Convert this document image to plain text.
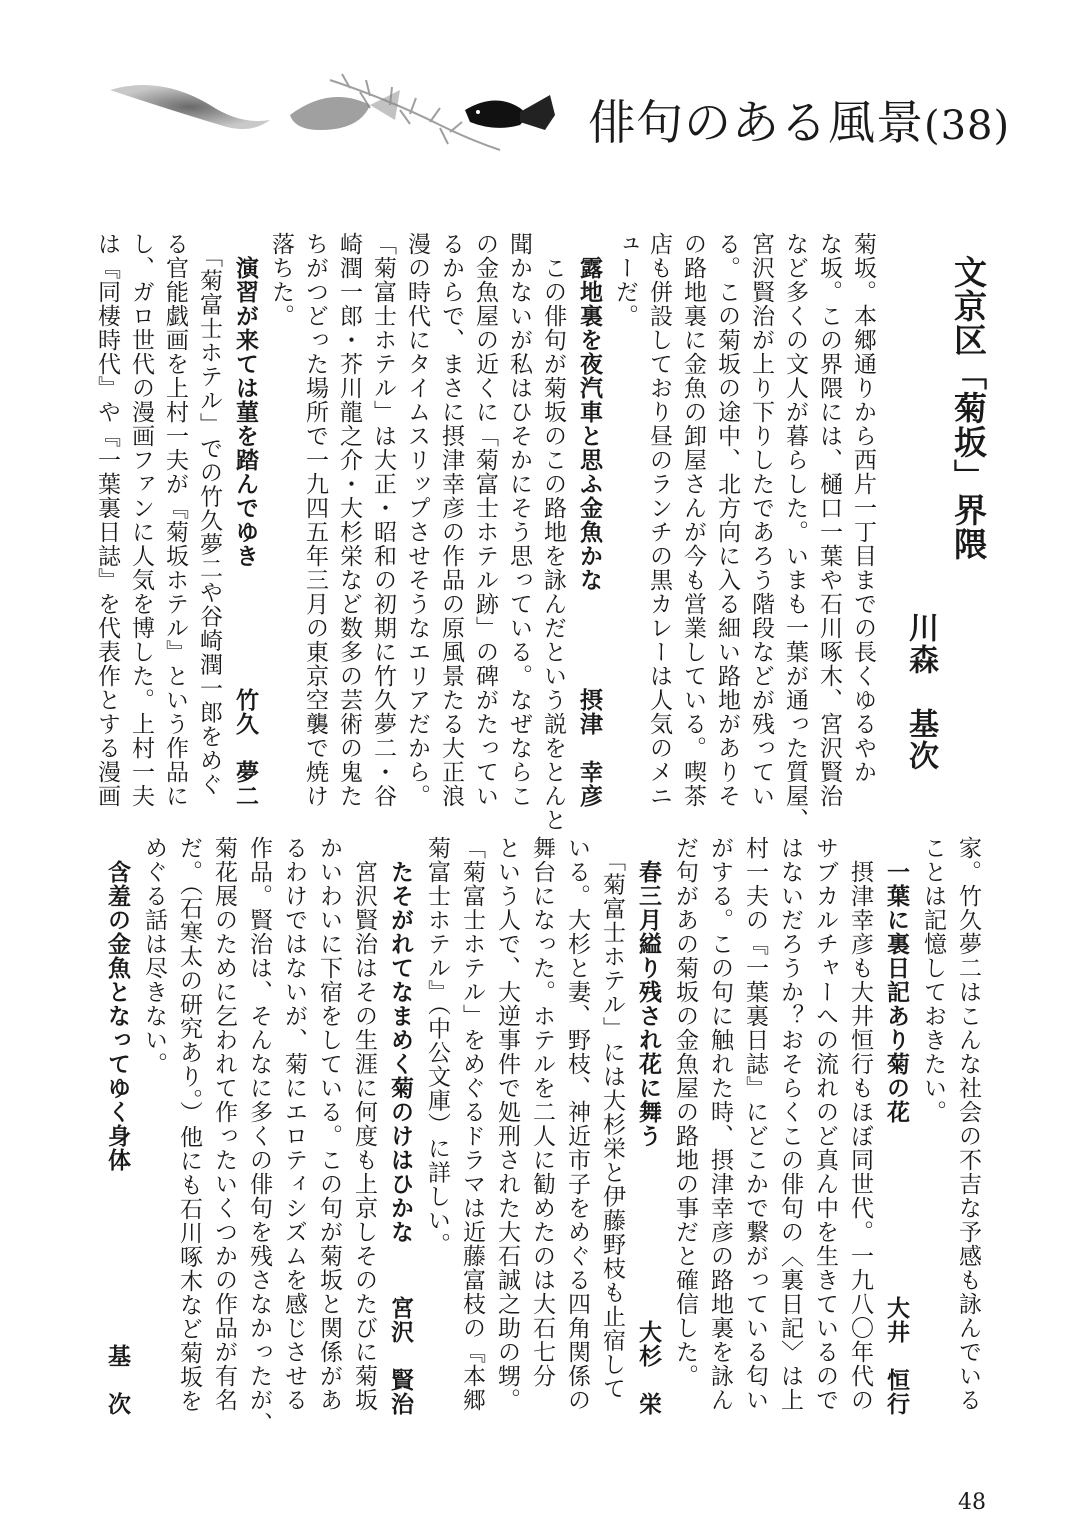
俳句のある風景(38)
文京区「菊坂」界隈
川森　基次
菊坂。本郷通りから西片一丁目までの長くゆるやか
な坂。この界隈には、樋口一葉や石川啄木、宮沢賢治
など多くの文人が暮らした。いまも一葉が通った質屋、
宮沢賢治が上り下りしたであろう階段などが残ってい
る。この菊坂の途中、北方向に入る細い路地がありそ
の路地裏に金魚の卸屋さんが今も営業している。喫茶
店も併設しており昼のランチの黒カレーは人気のメニ
ューだ。
露地裏を夜汽車と思ふ金魚かな
摂津　幸彦
　この俳句が菊坂のこの路地を詠んだという説をとんと
聞かないが私はひそかにそう思っている。なぜならこ
の金魚屋の近くに「菊富士ホテル跡」の碑がたってい
るからで、まさに摂津幸彦の作品の原風景たる大正浪
漫の時代にタイムスリップさせそうなエリアだから。
「菊富士ホテル」は大正・昭和の初期に竹久夢二・谷
崎潤一郎・芥川龍之介・大杉栄など数多の芸術の鬼た
ちがつどった場所で一九四五年三月の東京空襲で焼け
落ちた。
演習が来ては菫を踏んでゆき
竹久　夢二
　「菊富士ホテル」での竹久夢二や谷崎潤一郎をめぐ
る官能戯画を上村一夫が『菊坂ホテル』という作品に
し、ガロ世代の漫画ファンに人気を博した。上村一夫
は『同棲時代』や『一葉裏日誌』を代表作とする漫画
家。竹久夢二はこんな社会の不吉な予感も詠んでいる
ことは記憶しておきたい。
一葉に裏日記あり菊の花
大井　恒行
　摂津幸彦も大井恒行もほぼ同世代。一九八〇年代の
サブカルチャーへの流れのど真ん中を生きているので
はないだろうか？おそらくこの俳句の〈裏日記〉は上
村一夫の『一葉裏日誌』にどこかで繋がっている匂い
がする。この句に触れた時、摂津幸彦の路地裏を詠ん
だ句があの菊坂の金魚屋の路地の事だと確信した。
春三月縊り残され花に舞う
大杉　栄
　「菊富士ホテル」には大杉栄と伊藤野枝も止宿して
いる。大杉と妻、野枝、神近市子をめぐる四角関係の
舞台になった。ホテルを二人に勧めたのは大石七分
という人で、大逆事件で処刑された大石誠之助の甥。
「菊富士ホテル」をめぐるドラマは近藤富枝の『本郷
菊富士ホテル』（中公文庫）に詳しい。
たそがれてなまめく菊のけはひかな
宮沢　賢治
　宮沢賢治はその生涯に何度も上京しそのたびに菊坂
かいわいに下宿をしている。この句が菊坂と関係があ
るわけではないが、菊にエロティシズムを感じさせる
作品。賢治は、そんなに多くの俳句を残さなかったが、
菊花展のために乞われて作ったいくつかの作品が有名
だ。（石寒太の研究あり。）他にも石川啄木など菊坂を
めぐる話は尽きない。
含羞の金魚となってゆく身体
基　次
48
